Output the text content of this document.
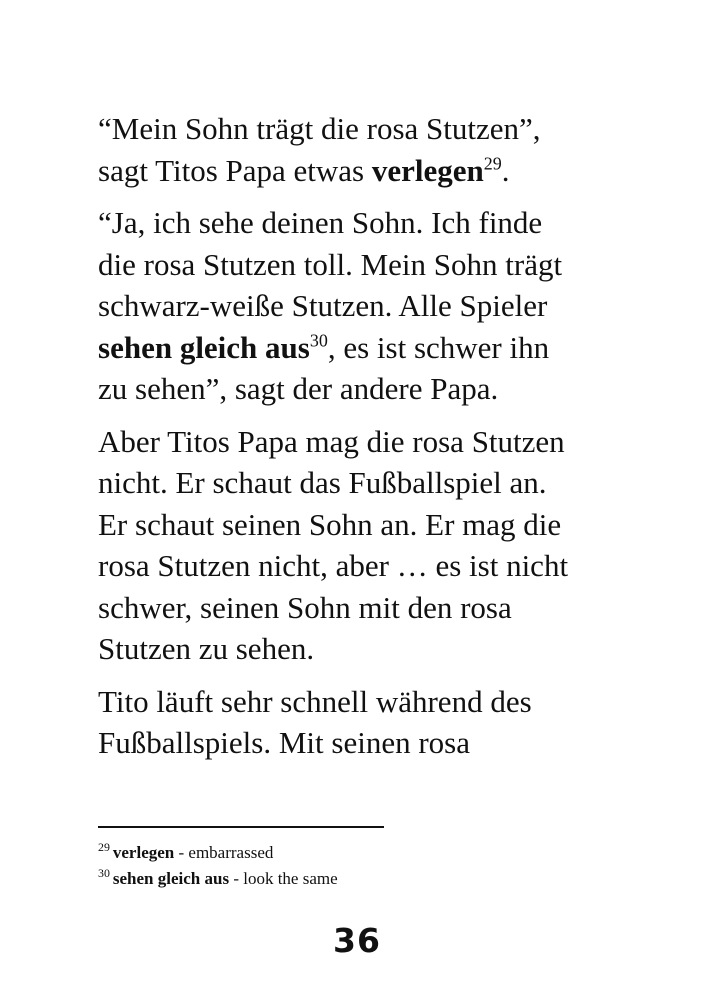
“Mein Sohn trägt die rosa Stutzen”,
sagt Titos Papa etwas verlegen$^{29}$.

“Ja, ich sehe deinen Sohn. Ich finde
die rosa Stutzen toll. Mein Sohn trägt
schwarz-weiße Stutzen. Alle Spieler
sehen gleich aus$^{30}$, es ist schwer ihn
zu sehen”, sagt der andere Papa.

Aber Titos Papa mag die rosa Stutzen
nicht. Er schaut das Fußballspiel an.
Er schaut seinen Sohn an. Er mag die
rosa Stutzen nicht, aber … es ist nicht
schwer, seinen Sohn mit den rosa
Stutzen zu sehen.

Tito läuft sehr schnell während des
Fußballspiels. Mit seinen rosa

$^{29}$ verlegen - embarrassed
$^{30}$ sehen gleich aus - look the same
36
